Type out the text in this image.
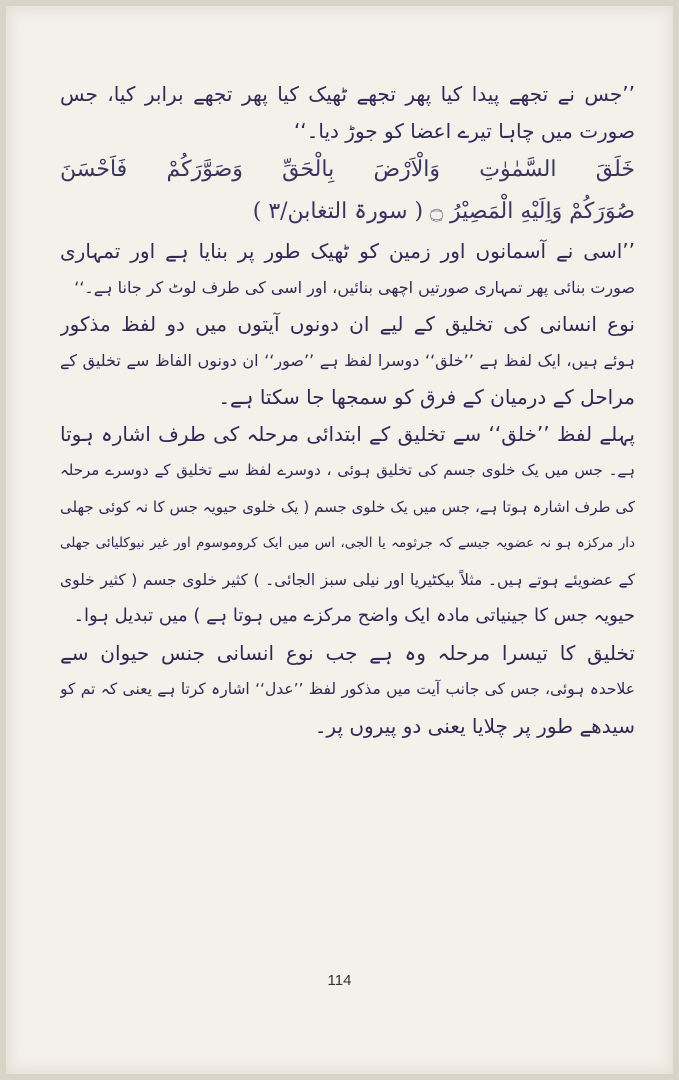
’’جس نے تجھے پیدا کیا پھر تجھے ٹھیک کیا پھر تجھے برابر کیا، جس
صورت میں چاہا تیرے اعضا کو جوڑ دیا۔‘‘
خَلَقَ السَّمٰوٰتِ وَالْاَرْضَ بِالْحَقِّ وَصَوَّرَكُمْ فَاَحْسَنَ
صُوَرَكُمْ وَاِلَيْهِ الْمَصِيْرُ ۝ ( سورۃ التغابن/۳ )
’’اسی نے آسمانوں اور زمین کو ٹھیک طور پر بنایا ہے اور تمہاری
صورت بنائی پھر تمہاری صورتیں اچھی بنائیں، اور اسی کی طرف لوٹ کر جانا ہے۔‘‘
نوع انسانی کی تخلیق کے لیے ان دونوں آیتوں میں دو لفظ مذکور
ہوئے ہیں، ایک لفظ ہے ’’خلق‘‘ دوسرا لفظ ہے ’’صور‘‘ ان دونوں الفاظ سے تخلیق کے
مراحل کے درمیان کے فرق کو سمجھا جا سکتا ہے۔
پہلے لفظ ’’خلق‘‘ سے تخلیق کے ابتدائی مرحلہ کی طرف اشارہ ہوتا
ہے۔ جس میں یک خلوی جسم کی تخلیق ہوئی ، دوسرے لفظ سے تخلیق کے دوسرے مرحلہ
کی طرف اشارہ ہوتا ہے، جس میں یک خلوی جسم ( یک خلوی حیویہ جس کا نہ کوئی جھلی
دار مرکزہ ہو نہ عضویہ جیسے کہ جرثومہ یا الجی، اس میں ایک کروموسوم اور غیر نیوکلیائی جھلی
کے عضویئے ہوتے ہیں۔ مثلاً بیکٹیریا اور نیلی سبز الجائی۔ ) کثیر خلوی جسم ( کثیر خلوی
حیویہ جس کا جینیاتی مادہ ایک واضح مرکزے میں ہوتا ہے ) میں تبدیل ہوا۔
تخلیق کا تیسرا مرحلہ وہ ہے جب نوع انسانی جنس حیوان سے
علاحدہ ہوئی، جس کی جانب آیت میں مذکور لفظ ’’عدل‘‘ اشارہ کرتا ہے یعنی کہ تم کو
سیدھے طور پر چلایا یعنی دو پیروں پر۔
114
